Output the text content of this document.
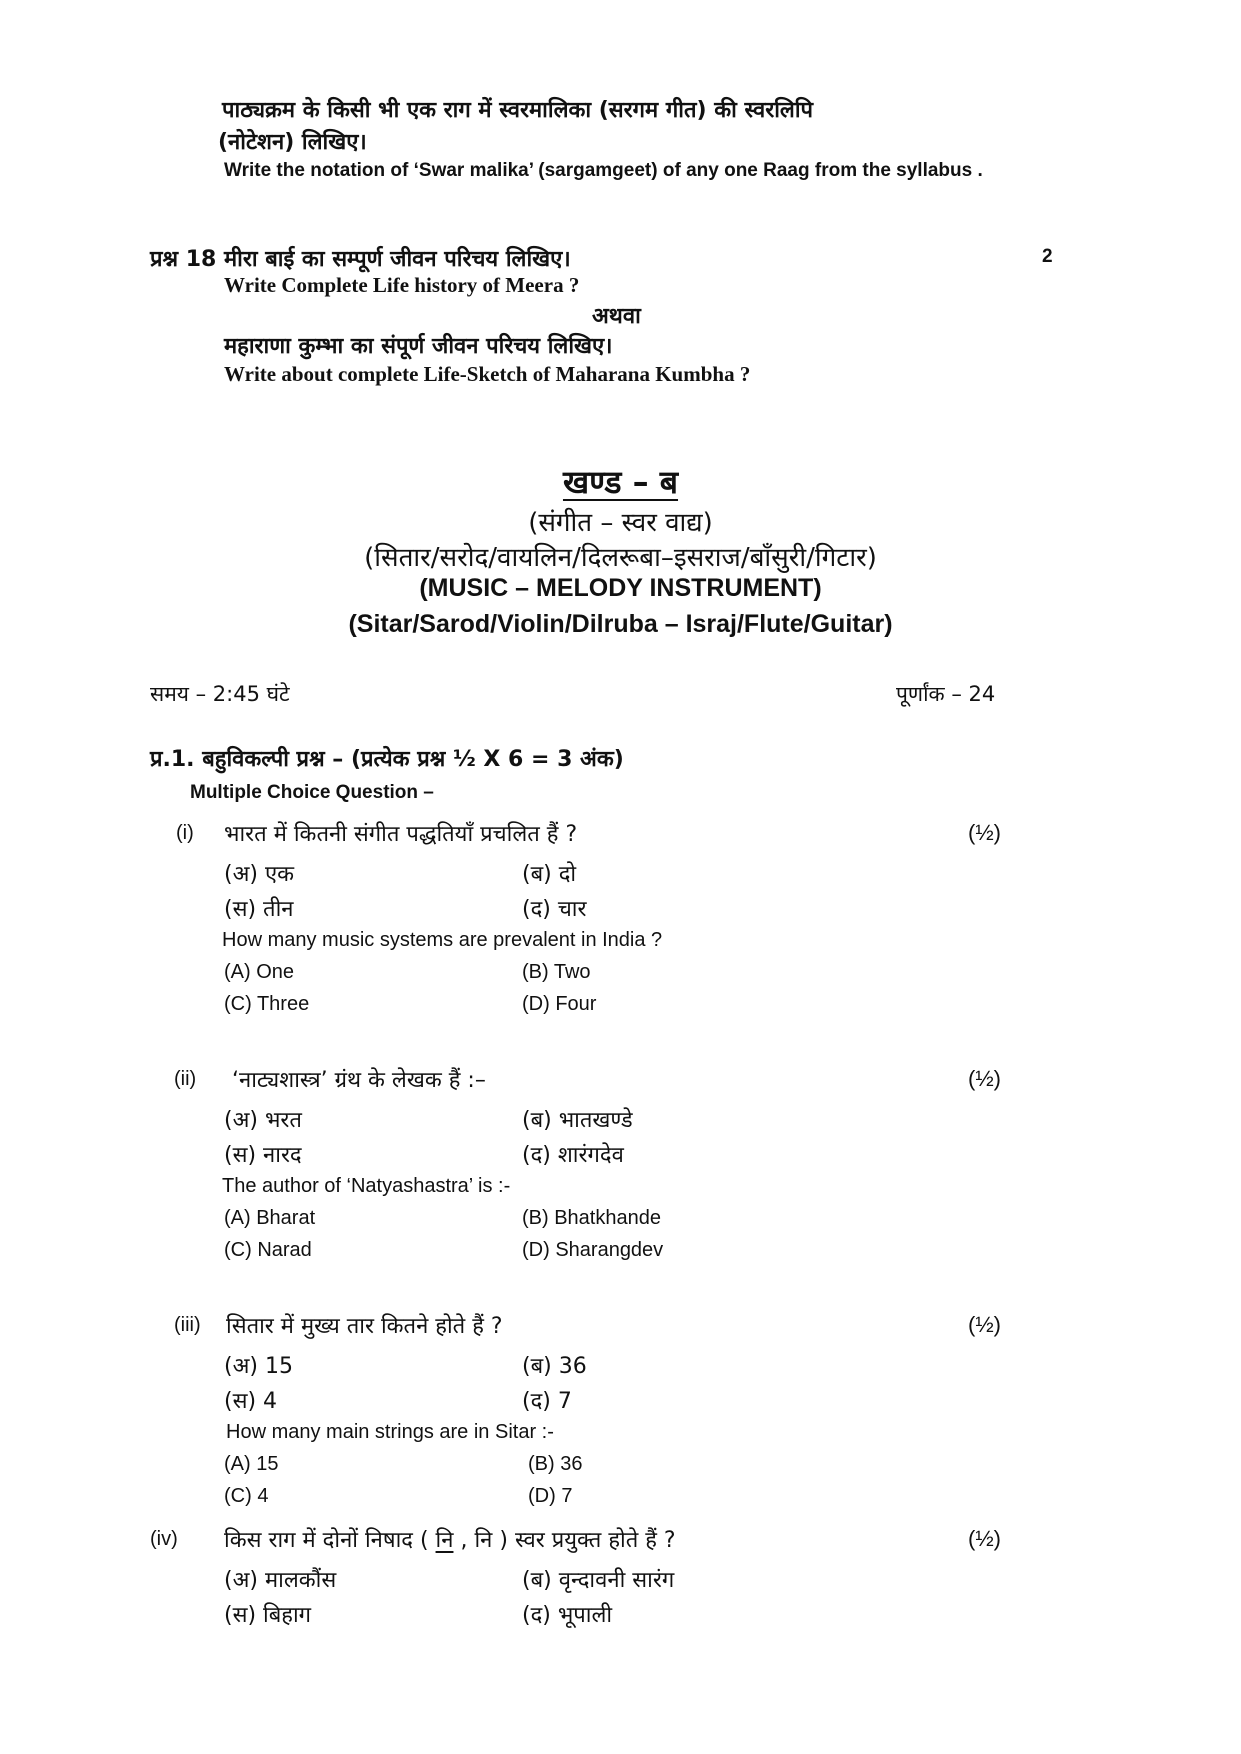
पाठ्यक्रम के किसी भी एक राग में स्वरमालिका (सरगम गीत) की स्वरलिपि
(नोटेशन) लिखिए।
Write the notation of ‘Swar malika’ (sargamgeet) of any one Raag from the syllabus .
प्रश्न 18 मीरा बाई का सम्पूर्ण जीवन परिचय लिखिए।	2
Write Complete Life history of Meera ?
अथवा
महाराणा कुम्भा का संपूर्ण जीवन परिचय लिखिए।
Write about complete Life-Sketch of Maharana Kumbha ?
खण्ड – ब
(संगीत – स्वर वाद्य)
(सितार/सरोद/वायलिन/दिलरूबा–इसराज/बाँसुरी/गिटार)
(MUSIC – MELODY INSTRUMENT)
(Sitar/Sarod/Violin/Dilruba – Israj/Flute/Guitar)
समय – 2:45 घंटे	पूर्णांक – 24
प्र.1. बहुविकल्पी प्रश्न – (प्रत्येक प्रश्न ½ X 6 = 3 अंक)
Multiple Choice Question –
(i) भारत में कितनी संगीत पद्धतियाँ प्रचलित हैं ?	(½)
(अ) एक	(ब) दो
(स) तीन	(द) चार
How many music systems are prevalent in India ?
(A) One	(B) Two
(C) Three	(D) Four
(ii) ‘नाट्यशास्त्र’ ग्रंथ के लेखक हैं :–	(½)
(अ) भरत	(ब) भातखण्डे
(स) नारद	(द) शारंगदेव
The author of ‘Natyashastra’ is :-
(A) Bharat	(B) Bhatkhande
(C) Narad	(D) Sharangdev
(iii) सितार में मुख्य तार कितने होते हैं ?	(½)
(अ) 15	(ब) 36
(स) 4	(द) 7
How many main strings are in Sitar :-
(A) 15	(B) 36
(C) 4	(D) 7
(iv) किस राग में दोनों निषाद ( नि , नि ) स्वर प्रयुक्त होते हैं ?	(½)
(अ) मालकौंस	(ब) वृन्दावनी सारंग
(स) बिहाग	(द) भूपाली
